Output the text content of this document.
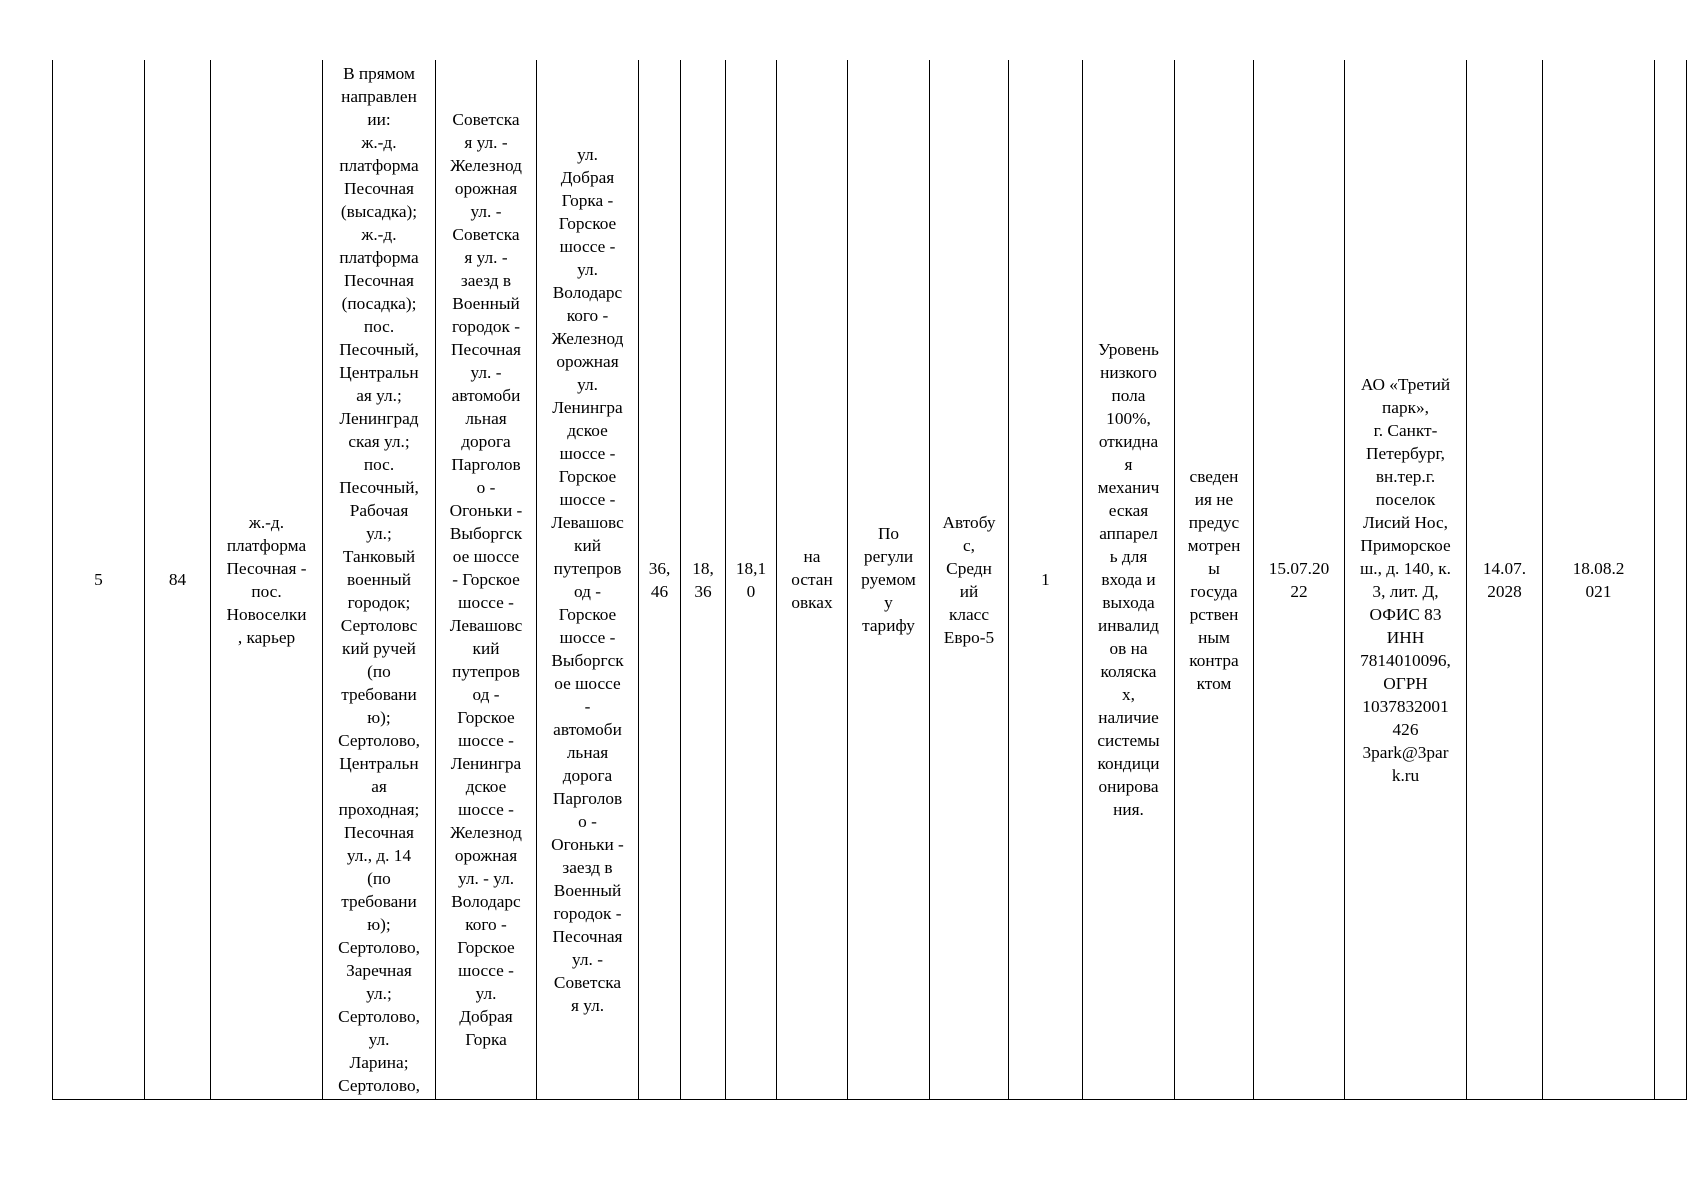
5	84	ж.-д.
платформа
Песочная -
пос.
Новоселки
, карьер	В прямом
направлен
ии:
ж.-д.
платформа
Песочная
(высадка);
ж.-д.
платформа
Песочная
(посадка);
пос.
Песочный,
Центральн
ая ул.;
Ленинград
ская ул.;
пос.
Песочный,
Рабочая
ул.;
Танковый
военный
городок;
Сертоловс
кий ручей
(по
требовани
ю);
Сертолово,
Центральн
ая
проходная;
Песочная
ул., д. 14
(по
требовани
ю);
Сертолово,
Заречная
ул.;
Сертолово,
ул.
Ларина;
Сертолово,	Советска
я ул. -
Железнод
орожная
ул. -
Советска
я ул. -
заезд в
Военный
городок -
Песочная
ул. -
автомоби
льная
дорога
Парголов
о -
Огоньки -
Выборгск
ое шоссе
- Горское
шоссе -
Левашовс
кий
путепров
од -
Горское
шоссе -
Ленингра
дское
шоссе -
Железнод
орожная
ул. - ул.
Володарс
кого -
Горское
шоссе -
ул.
Добрая
Горка	ул.
Добрая
Горка -
Горское
шоссе -
ул.
Володарс
кого -
Железнод
орожная
ул.
Ленингра
дское
шоссе -
Горское
шоссе -
Левашовс
кий
путепров
од -
Горское
шоссе -
Выборгск
ое шоссе
-
автомоби
льная
дорога
Парголов
о -
Огоньки -
заезд в
Военный
городок -
Песочная
ул. -
Советска
я ул.	36,
46	18,
36	18,1
0	на
остан
овках	По
регули
руемом
у
тарифу	Автобу
с,
Средн
ий
класс
Евро-5	1	Уровень
низкого
пола
100%,
откидна
я
механич
еская
аппарел
ь для
входа и
выхода
инвалид
ов на
коляска
х,
наличие
системы
кондици
онирова
ния.	сведен
ия не
предус
мотрен
ы
госуда
рствен
ным
контра
ктом	15.07.20
22	АО «Третий
парк»,
г. Санкт-
Петербург,
вн.тер.г.
поселок
Лисий Нос,
Приморское
ш., д. 140, к.
3, лит. Д,
ОФИС 83
ИНН
7814010096,
ОГРН
1037832001
426
3park@3par
k.ru	14.07.
2028	18.08.2
021	
